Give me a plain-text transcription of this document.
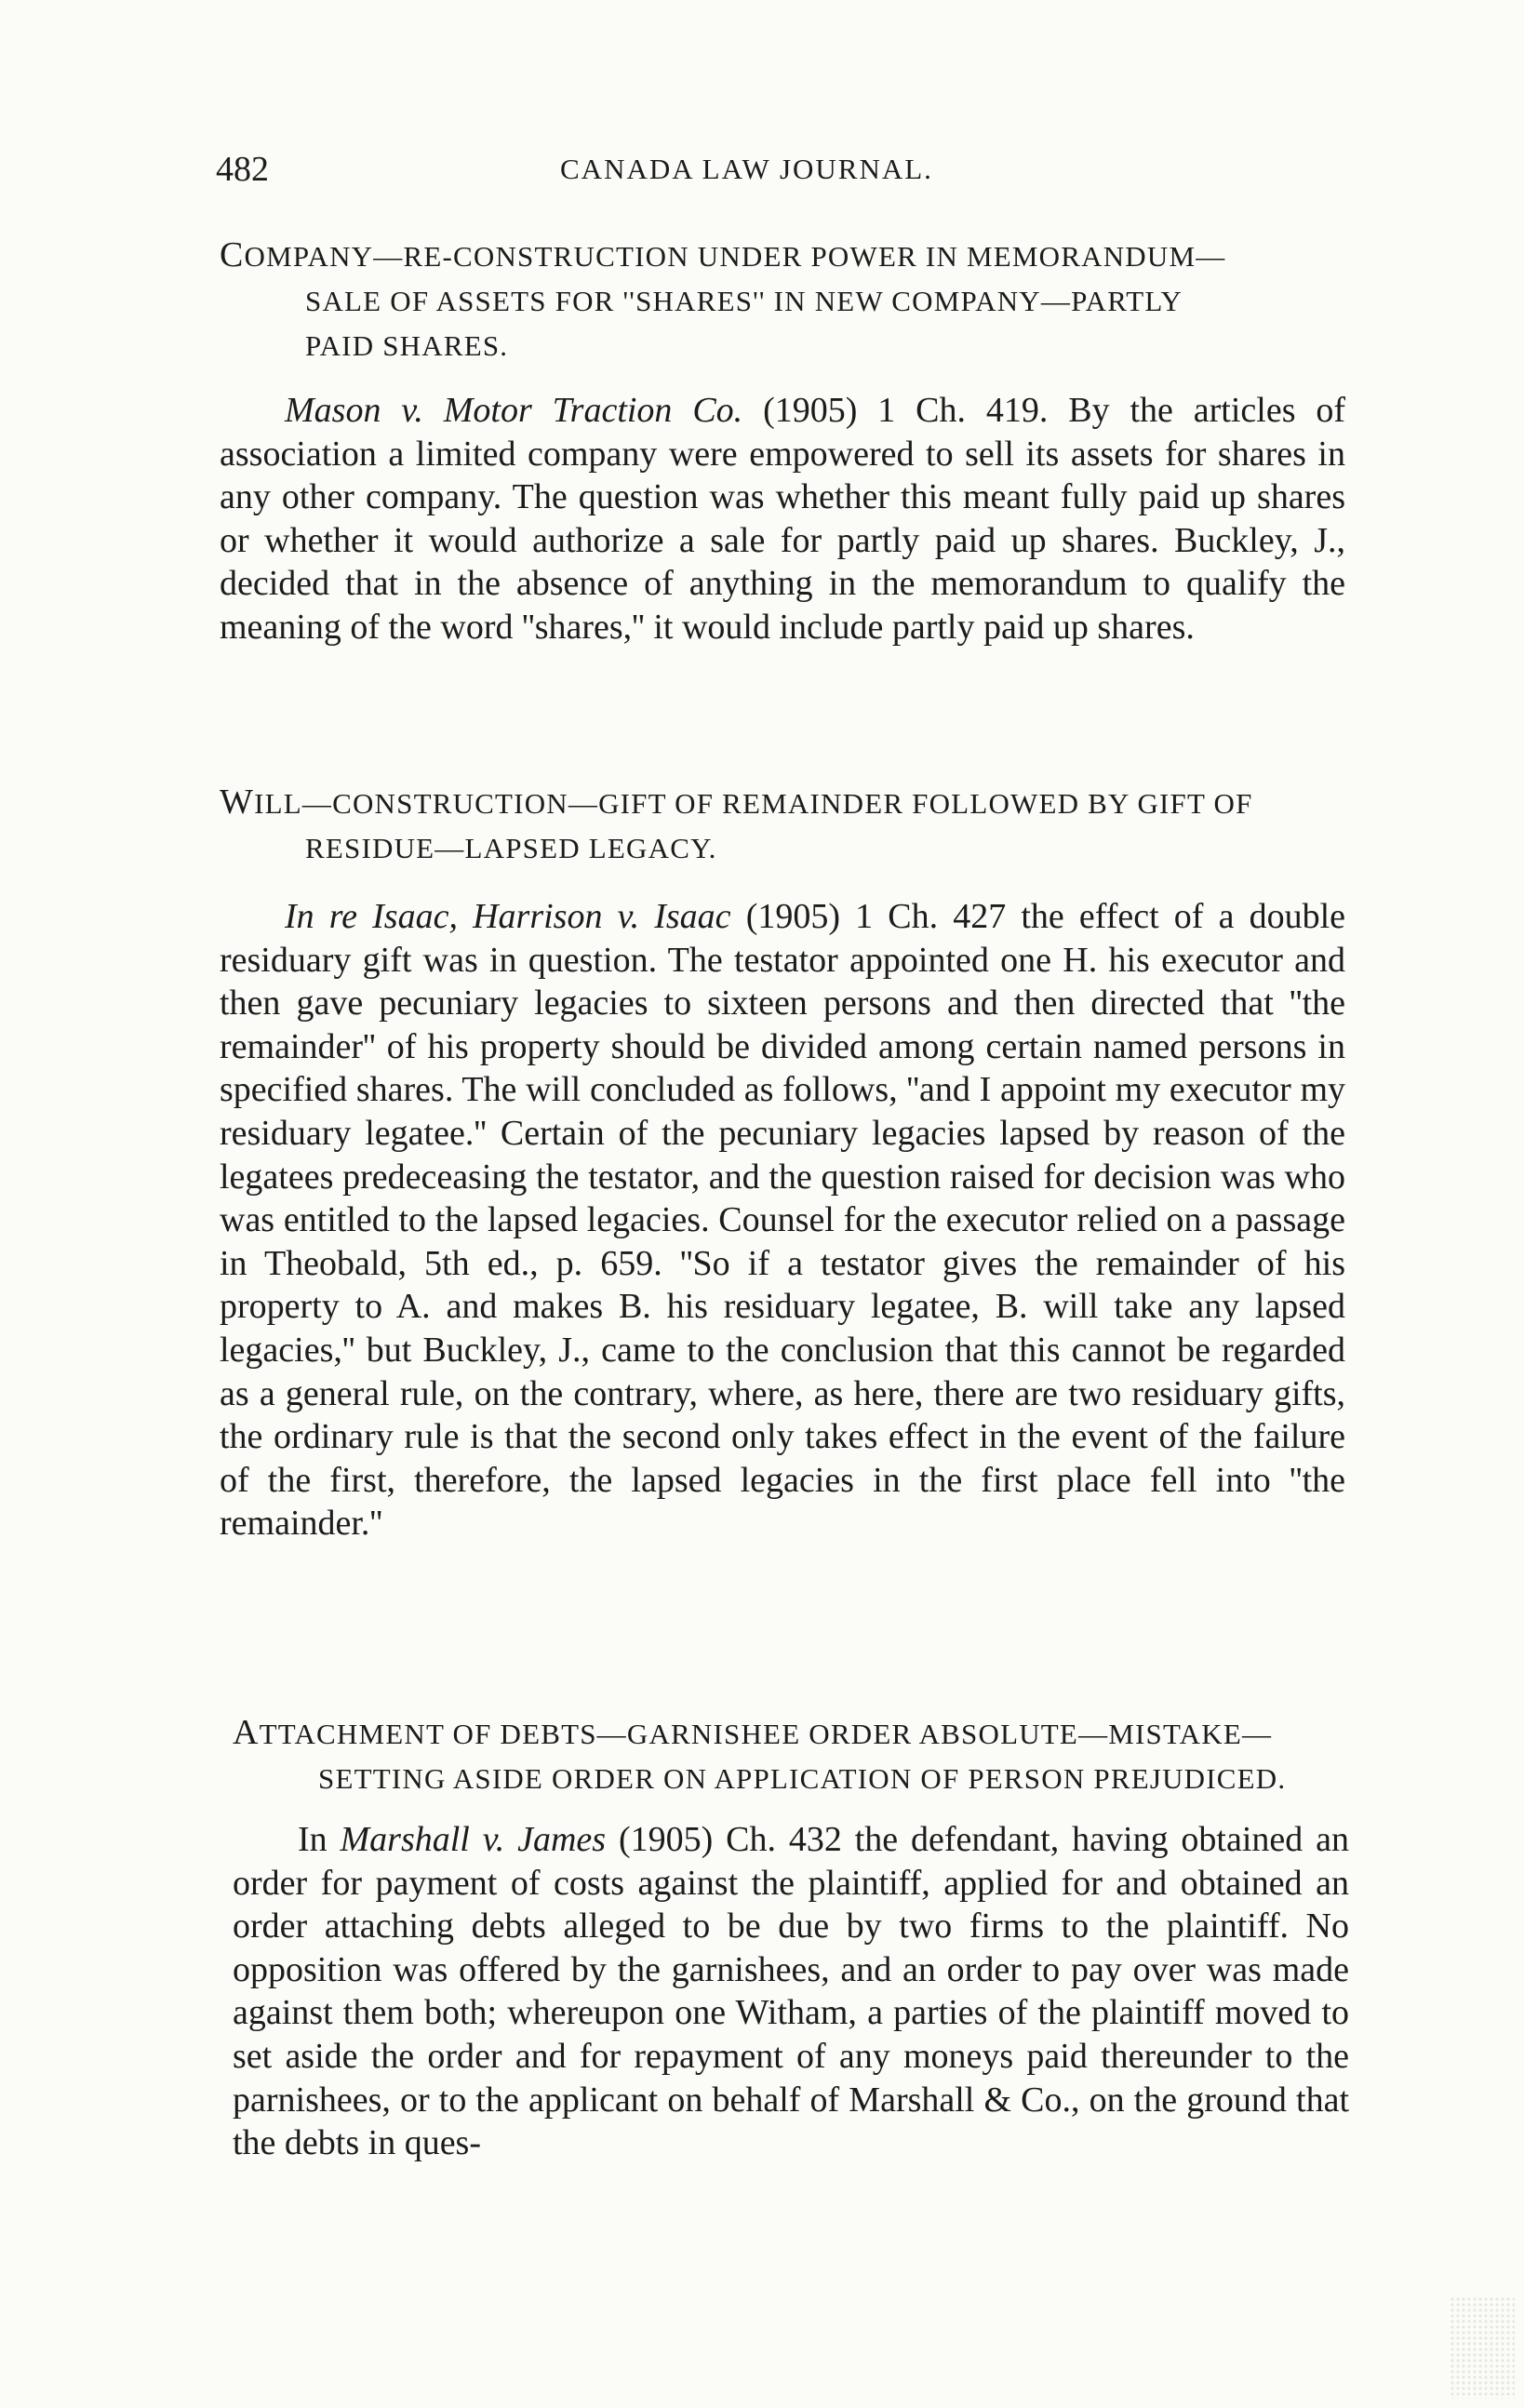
482	CANADA LAW JOURNAL.

COMPANY—RE-CONSTRUCTION UNDER POWER IN MEMORANDUM—
SALE OF ASSETS FOR ''SHARES'' IN NEW COMPANY—PARTLY
PAID SHARES.

Mason v. Motor Traction Co. (1905) 1 Ch. 419. By the articles of association a limited company were empowered to sell its assets for shares in any other company. The question was whether this meant fully paid up shares or whether it would authorize a sale for partly paid up shares. Buckley, J., decided that in the absence of anything in the memorandum to qualify the meaning of the word ''shares,'' it would include partly paid up shares.

WILL—CONSTRUCTION—GIFT OF REMAINDER FOLLOWED BY GIFT OF
RESIDUE—LAPSED LEGACY.

In re Isaac, Harrison v. Isaac (1905) 1 Ch. 427 the effect of a double residuary gift was in question. The testator appointed one H. his executor and then gave pecuniary legacies to sixteen persons and then directed that ''the remainder'' of his property should be divided among certain named persons in specified shares. The will concluded as follows, ''and I appoint my executor my residuary legatee.'' Certain of the pecuniary legacies lapsed by reason of the legatees predeceasing the testator, and the question raised for decision was who was entitled to the lapsed legacies. Counsel for the executor relied on a passage in Theobald, 5th ed., p. 659. ''So if a testator gives the remainder of his property to A. and makes B. his residuary legatee, B. will take any lapsed legacies,'' but Buckley, J., came to the conclusion that this cannot be regarded as a general rule, on the contrary, where, as here, there are two residuary gifts, the ordinary rule is that the second only takes effect in the event of the failure of the first, therefore, the lapsed legacies in the first place fell into ''the remainder.''

ATTACHMENT OF DEBTS—GARNISHEE ORDER ABSOLUTE—MISTAKE—
SETTING ASIDE ORDER ON APPLICATION OF PERSON PREJUDICED.

In Marshall v. James (1905) Ch. 432 the defendant, having obtained an order for payment of costs against the plaintiff, applied for and obtained an order attaching debts alleged to be due by two firms to the plaintiff. No opposition was offered by the garnishees, and an order to pay over was made against them both; whereupon one Witham, a parties of the plaintiff moved to set aside the order and for repayment of any moneys paid thereunder to the parnishees, or to the applicant on behalf of Marshall & Co., on the ground that the debts in ques-
